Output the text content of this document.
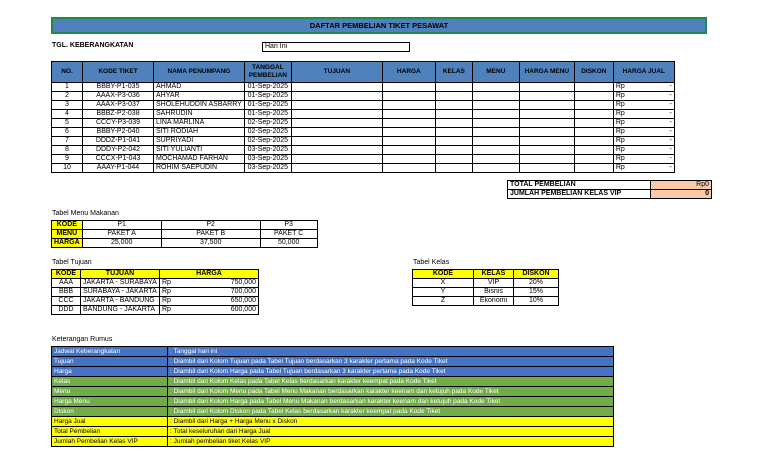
DAFTAR PEMBELIAN TIKET PESAWAT
TGL. KEBERANGKATAN	Hari Ini
NO.	KODE TIKET	NAMA PENUMPANG	TANGGAL PEMBELIAN	TUJUAN	HARGA	KELAS	MENU	HARGA MENU	DISKON	HARGA JUAL
1	BBBY-P1-035	AHMAD	01-Sep-2025							Rp -

2	AAAX-P3-036	AHYAR	01-Sep-2025							Rp -

3	AAAX-P3-037	SHOLEHUDDIN ASBARRY	01-Sep-2025							Rp -

4	BBBZ-P2-038	SAHRUDIN	01-Sep-2025							Rp -

5	CCCY-P3-039	LINA MARLINA	02-Sep-2025							Rp -

6	BBBY-P2-040	SITI RODIAH	02-Sep-2025							Rp -

7	DDDZ-P1-041	SUPRIYADI	02-Sep-2025							Rp -

8	DDDY-P2-042	SITI YULIANTI	03-Sep-2025							Rp -

9	CCCX-P1-043	MOCHAMAD FARHAN	03-Sep-2025							Rp -

10	AAAY-P1-044	ROHIM SAEPUDIN	03-Sep-2025							Rp -
TOTAL PEMBELIAN	Rp0
JUMLAH PEMBELIAN KELAS VIP	0
Tabel Menu Makanan
KODE	P1	P2	P3
MENU	PAKET A	PAKET B	PAKET C
HARGA	25,000	37,500	50,000
Tabel Tujuan
KODE	TUJUAN	HARGA
AAA	JAKARTA - SURABAYA	Rp 750,000

BBB	SURABAYA - JAKARTA	Rp 700,000

CCC	JAKARTA - BANDUNG	Rp 650,000

DDD	BANDUNG - JAKARTA	Rp 600,000
Tabel Kelas
KODE	KELAS	DISKON
X	VIP	20%
Y	Bisnis	15%
Z	Ekonomi	10%
Keterangan Rumus
Jadwal Keberangkatan	: Tanggal hari ini
Tujuan	: Diambil dari Kolom Tujuan pada Tabel Tujuan berdasarkan 3 karakter pertama pada Kode Tiket
Harga	: Diambil dari Kolom Harga pada Tabel Tujuan berdasarkan 3 karakter pertama pada Kode Tiket
Kelas	: Diambil dari Kolom Kelas pada Tabel Kelas berdasarkan karakter keempat pada Kode Tiket
Menu	: Diambil dari Kolom Menu pada Tabel Menu Makanan berdasarkan karakter keenam dan ketujuh pada Kode Tiket
Harga Menu	: Diambil dari Kolom Harga pada Tabel Menu Makanan berdasarkan karakter keenam dan ketujuh pada Kode Tiket
Diskon	: Diambil dari Kolom Diskon pada Tabel Kelas berdasarkan karakter keempat pada Kode Tiket
Harga Jual	: Diambil dari Harga + Harga Menu x Diskon
Total Pembelian	: Total keseluruhan dari Harga Jual
Jumlah Pembelian Kelas VIP	: Jumlah pembelian tiket Kelas VIP
